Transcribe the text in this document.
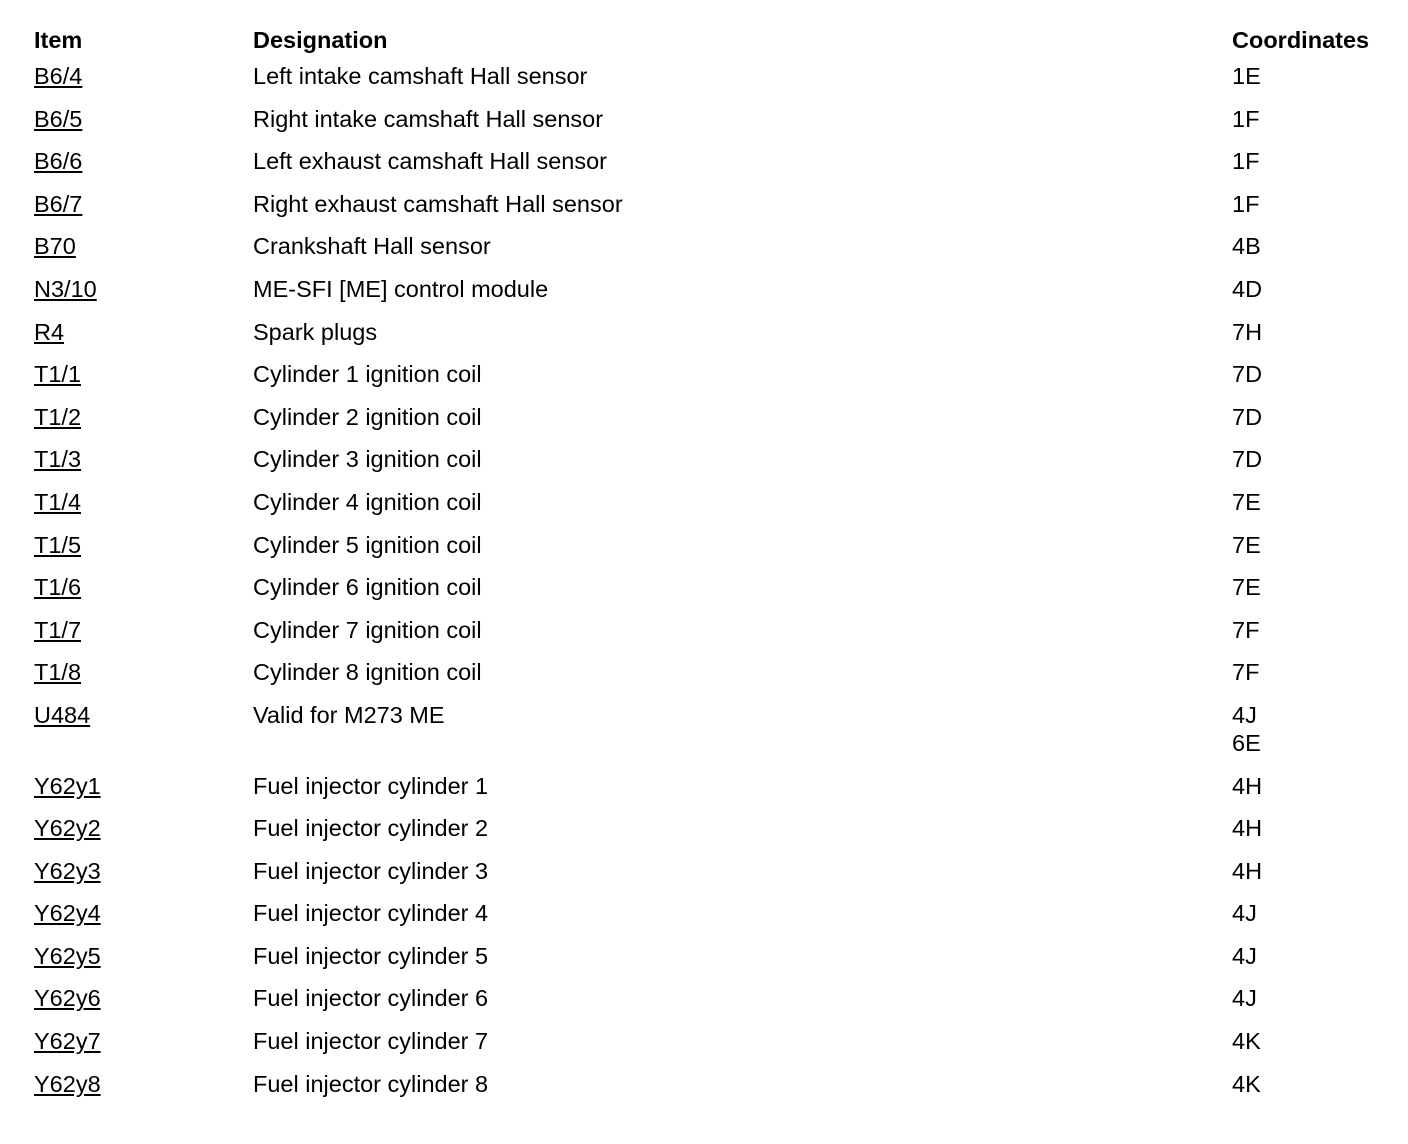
Item	Designation	Coordinates
B6/4	Left intake camshaft Hall sensor	1E
B6/5	Right intake camshaft Hall sensor	1F
B6/6	Left exhaust camshaft Hall sensor	1F
B6/7	Right exhaust camshaft Hall sensor	1F
B70	Crankshaft Hall sensor	4B
N3/10	ME-SFI [ME] control module	4D
R4	Spark plugs	7H
T1/1	Cylinder 1 ignition coil	7D
T1/2	Cylinder 2 ignition coil	7D
T1/3	Cylinder 3 ignition coil	7D
T1/4	Cylinder 4 ignition coil	7E
T1/5	Cylinder 5 ignition coil	7E
T1/6	Cylinder 6 ignition coil	7E
T1/7	Cylinder 7 ignition coil	7F
T1/8	Cylinder 8 ignition coil	7F
U484	Valid for M273 ME	4J
6E
Y62y1	Fuel injector cylinder 1	4H
Y62y2	Fuel injector cylinder 2	4H
Y62y3	Fuel injector cylinder 3	4H
Y62y4	Fuel injector cylinder 4	4J
Y62y5	Fuel injector cylinder 5	4J
Y62y6	Fuel injector cylinder 6	4J
Y62y7	Fuel injector cylinder 7	4K
Y62y8	Fuel injector cylinder 8	4K
